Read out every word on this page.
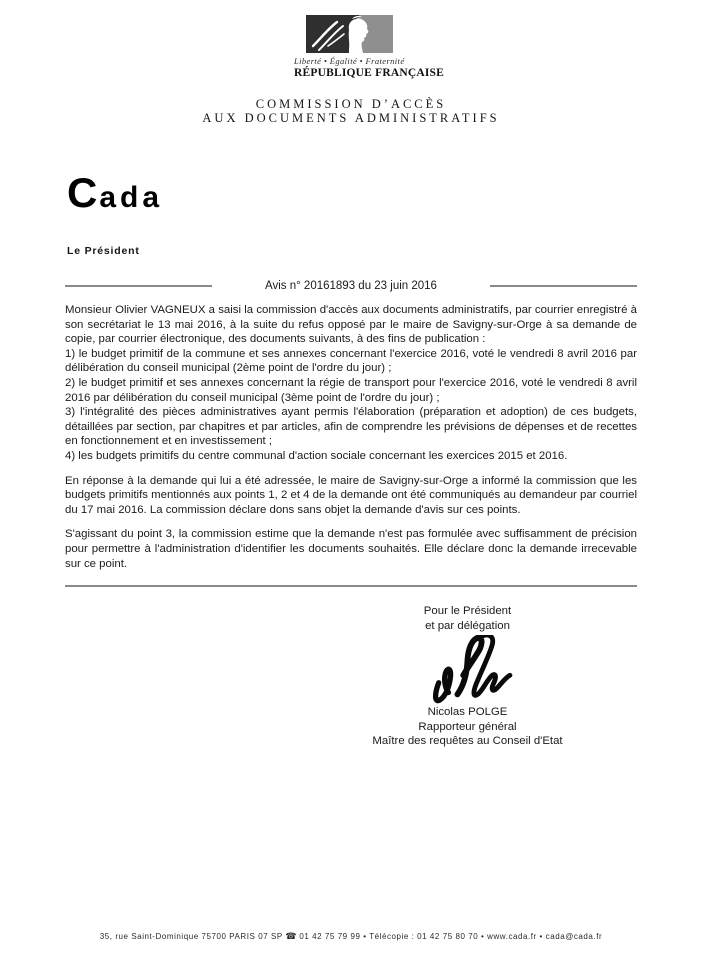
Liberté • Égalité • Fraternité
RÉPUBLIQUE FRANÇAISE
COMMISSION D’ACCÈS
AUX DOCUMENTS ADMINISTRATIFS
C ada
Le Président
Avis n° 20161893 du 23 juin 2016

Monsieur Olivier VAGNEUX a saisi la commission d'accès aux documents administratifs, par courrier enregistré à son secrétariat le 13 mai 2016, à la suite du refus opposé par le maire de Savigny-sur-Orge à sa demande de copie, par courrier électronique, des documents suivants, à des fins de publication :

1) le budget primitif de la commune et ses annexes concernant l'exercice 2016, voté le vendredi 8 avril 2016 par délibération du conseil municipal (2ème point de l'ordre du jour) ;

2) le budget primitif et ses annexes concernant la régie de transport pour l'exercice 2016, voté le vendredi 8 avril 2016 par délibération du conseil municipal (3ème point de l'ordre du jour) ;

3) l'intégralité des pièces administratives ayant permis l'élaboration (préparation et adoption) de ces budgets, détaillées par section, par chapitres et par articles, afin de comprendre les prévisions de dépenses et de recettes en fonctionnement et en investissement ;

4) les budgets primitifs du centre communal d'action sociale concernant les exercices 2015 et 2016.

En réponse à la demande qui lui a été adressée, le maire de Savigny-sur-Orge a informé la commission que les budgets primitifs mentionnés aux points 1, 2 et 4 de la demande ont été communiqués au demandeur par courriel du 17 mai 2016. La commission déclare dons sans objet la demande d'avis sur ces points.

S'agissant du point 3, la commission estime que la demande n'est pas formulée avec suffisamment de précision pour permettre à l'administration d'identifier les documents souhaités. Elle déclare donc la demande irrecevable sur ce point.

Pour le Président
et par délégation
Nicolas POLGE
Rapporteur général
Maître des requêtes au Conseil d'Etat
35, rue Saint-Dominique 75700 PARIS 07 SP ☎ 01 42 75 79 99 • Télécopie : 01 42 75 80 70 • www.cada.fr • cada@cada.fr
